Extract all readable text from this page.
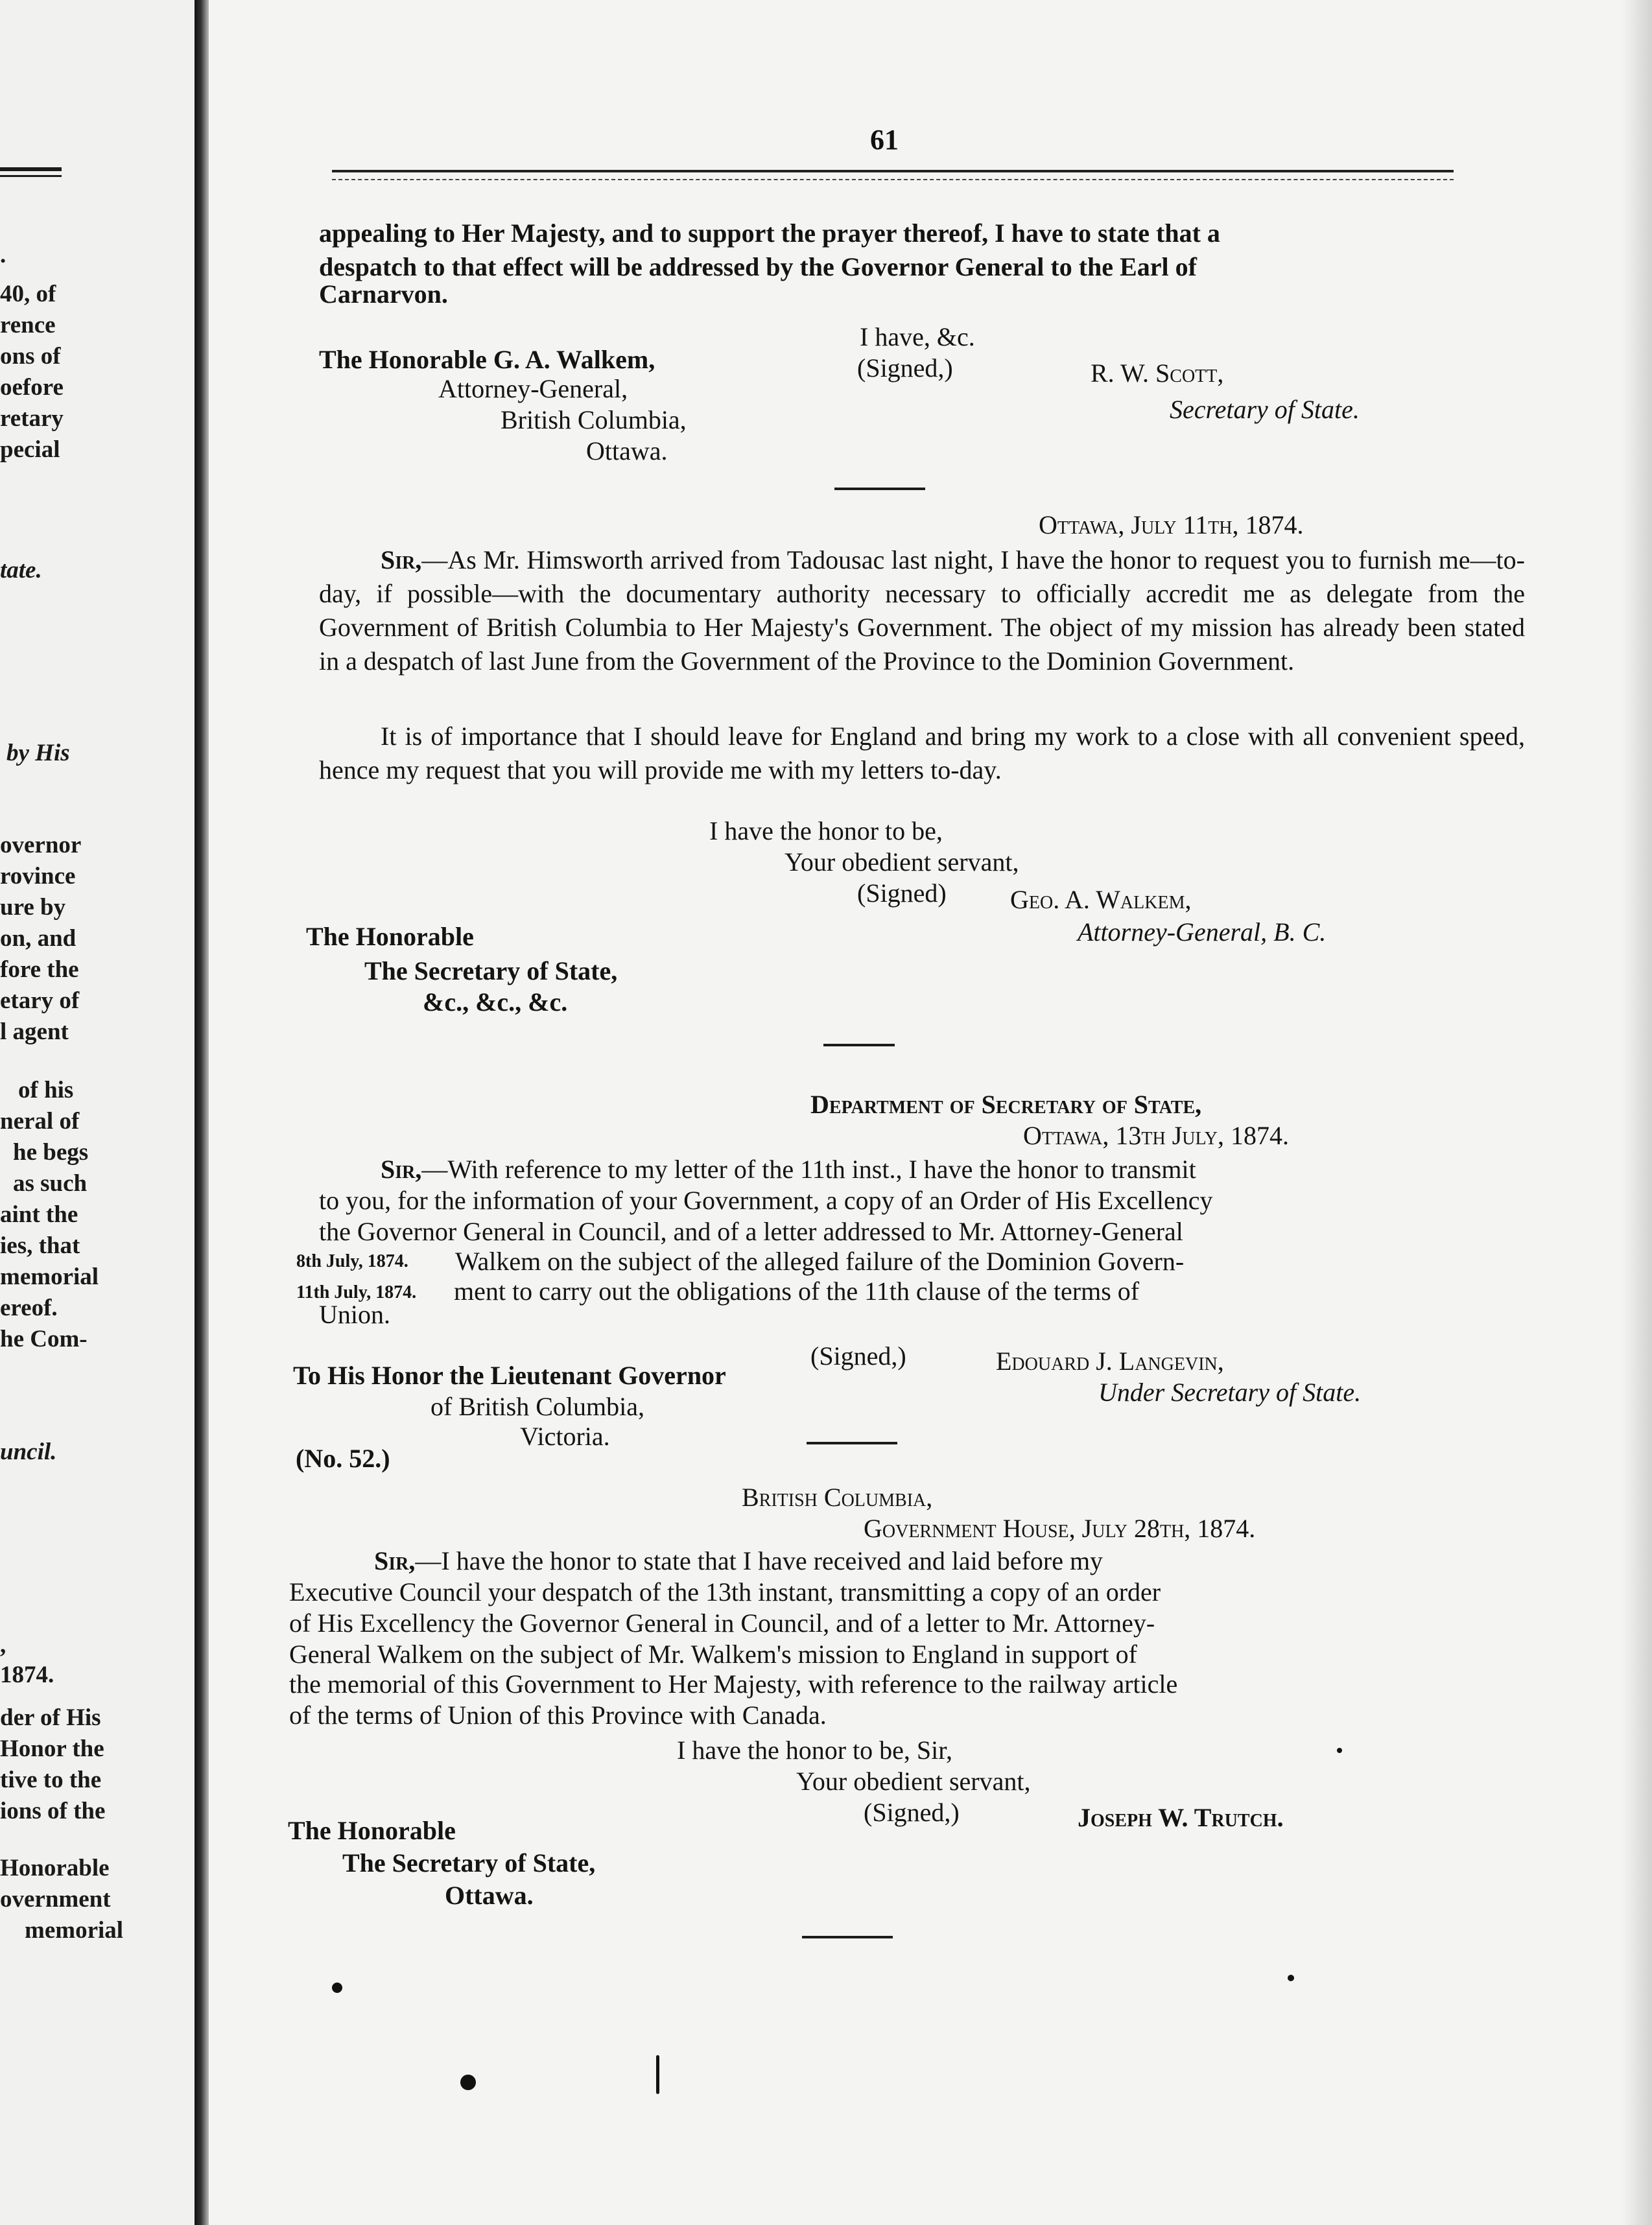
.
40, of
rence
ons of
oefore
retary
pecial
tate.
by His
overnor
rovince
ure by
on, and
fore the
etary of
l agent
of his
neral of
he begs
as such
aint the
ies, that
memorial
ereof.
he Com-
uncil.
,
1874.
der of His
Honor the
tive to the
ions of the
Honorable
overnment
memorial
61
appealing to Her Majesty, and to support the prayer thereof, I have to state that a
despatch to that effect will be addressed by the Governor General to the Earl of
Carnarvon.
I have, &c.
The Honorable G. A. Walkem,	(Signed,)	R. W. Scott,
Attorney-General,
Secretary of State.
British Columbia,
Ottawa.
Ottawa, July 11th, 1874.
Sir,—As Mr. Himsworth arrived from Tadousac last night, I have the honor to request you to furnish me—to-day, if possible—with the documentary authority necessary to officially accredit me as delegate from the Government of British Columbia to Her Majesty's Government. The object of my mission has already been stated in a despatch of last June from the Government of the Province to the Dominion Government.
It is of importance that I should leave for England and bring my work to a close with all convenient speed, hence my request that you will provide me with my letters to-day.
I have the honor to be,
Your obedient servant,
(Signed) Geo. A. Walkem,
The Honorable	Attorney-General, B. C.
The Secretary of State,
&c., &c., &c.
Department of Secretary of State,
Ottawa, 13th July, 1874.
Sir,—With reference to my letter of the 11th inst., I have the honor to transmit
to you, for the information of your Government, a copy of an Order of His Excellency
the Governor General in Council, and of a letter addressed to Mr. Attorney-General
8th July, 1874. Walkem on the subject of the alleged failure of the Dominion Govern-
11th July, 1874. ment to carry out the obligations of the 11th clause of the terms of
Union.
(Signed,)	Edouard J. Langevin,
To His Honor the Lieutenant Governor
Under Secretary of State.
of British Columbia,
Victoria.
(No. 52.)
British Columbia,
Government House, July 28th, 1874.
Sir,—I have the honor to state that I have received and laid before my
Executive Council your despatch of the 13th instant, transmitting a copy of an order
of His Excellency the Governor General in Council, and of a letter to Mr. Attorney-
General Walkem on the subject of Mr. Walkem's mission to England in support of
the memorial of this Government to Her Majesty, with reference to the railway article
of the terms of Union of this Province with Canada.
I have the honor to be, Sir,
Your obedient servant,
(Signed,)	Joseph W. Trutch.
The Honorable
The Secretary of State,
Ottawa.
